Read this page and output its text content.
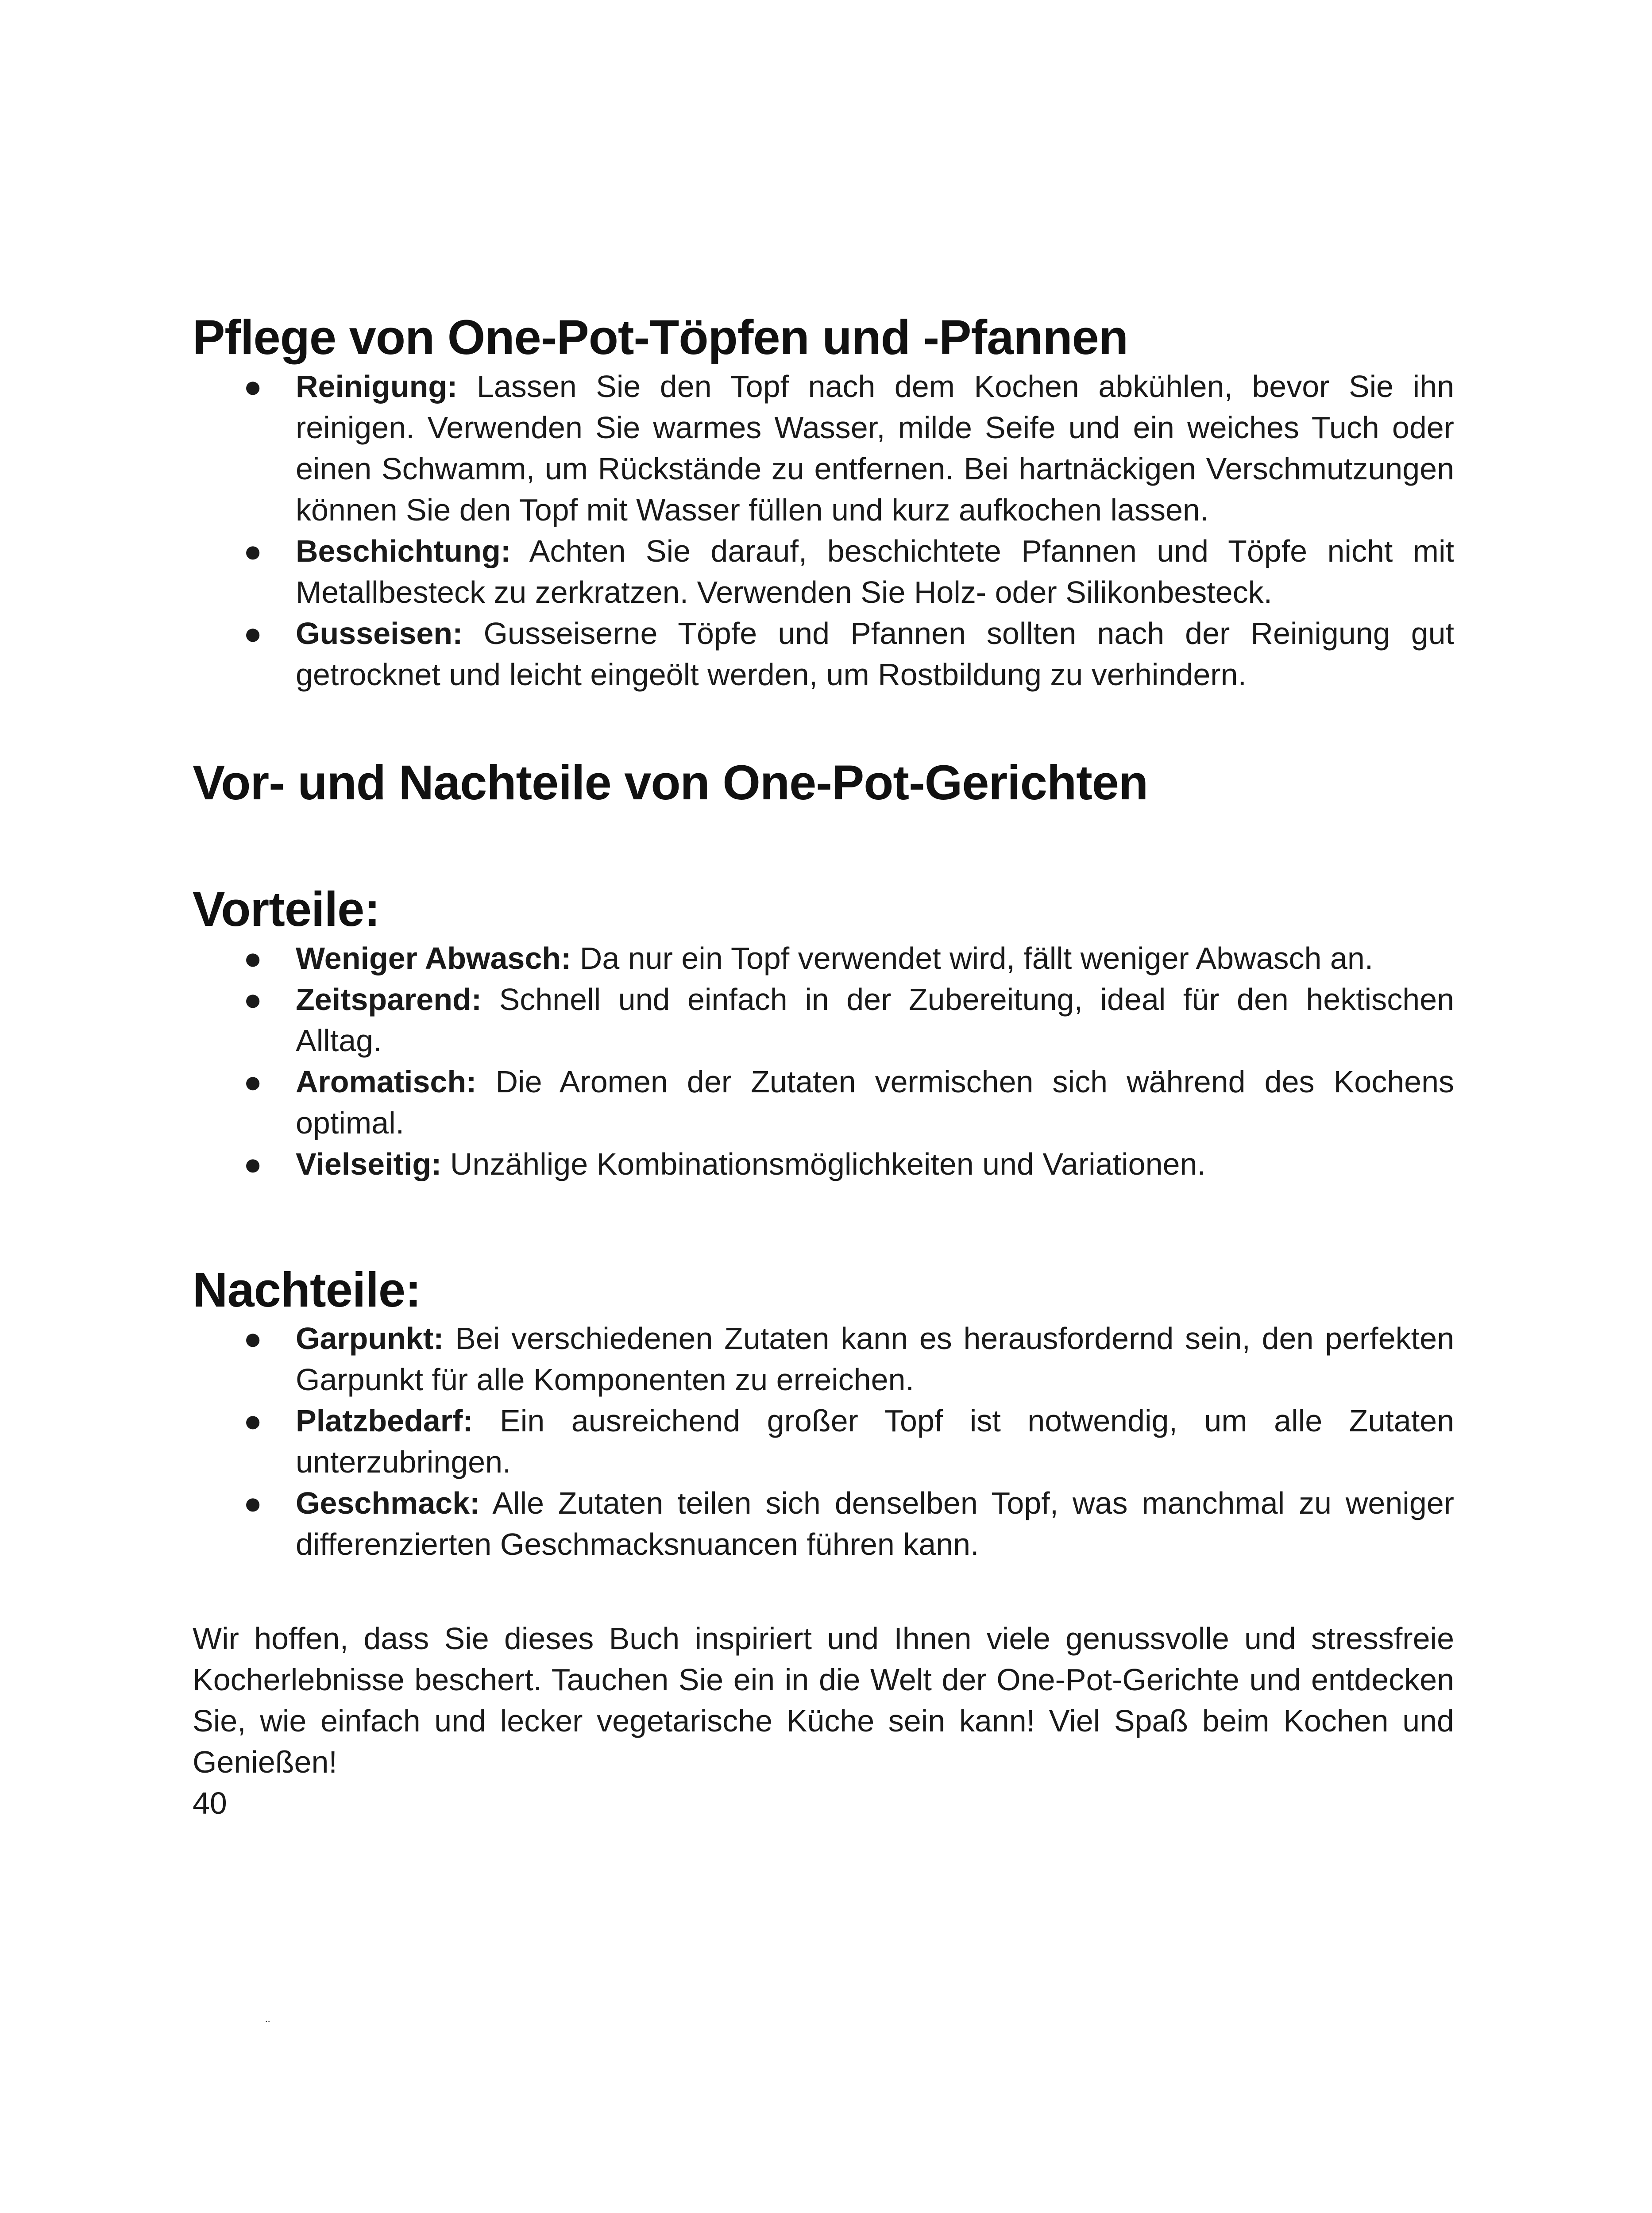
Pflege von One-Pot-Töpfen und -Pfannen
● Reinigung: Lassen Sie den Topf nach dem Kochen abkühlen, bevor Sie ihn reinigen. Verwenden Sie warmes Wasser, milde Seife und ein weiches Tuch oder einen Schwamm, um Rückstände zu entfernen. Bei hartnäckigen Verschmutzungen können Sie den Topf mit Wasser füllen und kurz aufkochen lassen.
● Beschichtung: Achten Sie darauf, beschichtete Pfannen und Töpfe nicht mit Metallbesteck zu zerkratzen. Verwenden Sie Holz- oder Silikonbesteck.
● Gusseisen: Gusseiserne Töpfe und Pfannen sollten nach der Reinigung gut getrocknet und leicht eingeölt werden, um Rostbildung zu verhindern.
Vor- und Nachteile von One-Pot-Gerichten
Vorteile:
● Weniger Abwasch: Da nur ein Topf verwendet wird, fällt weniger Abwasch an.
● Zeitsparend: Schnell und einfach in der Zubereitung, ideal für den hektischen Alltag.
● Aromatisch: Die Aromen der Zutaten vermischen sich während des Kochens optimal.
● Vielseitig: Unzählige Kombinationsmöglichkeiten und Variationen.
Nachteile:
● Garpunkt: Bei verschiedenen Zutaten kann es herausfordernd sein, den perfekten Garpunkt für alle Komponenten zu erreichen.
● Platzbedarf: Ein ausreichend großer Topf ist notwendig, um alle Zutaten unterzubringen.
● Geschmack: Alle Zutaten teilen sich denselben Topf, was manchmal zu weniger differenzierten Geschmacksnuancen führen kann.

Wir hoffen, dass Sie dieses Buch inspiriert und Ihnen viele genussvolle und stressfreie Kocherlebnisse beschert. Tauchen Sie ein in die Welt der One-Pot-Gerichte und entdecken Sie, wie einfach und lecker vegetarische Küche sein kann! Viel Spaß beim Kochen und Genießen!

40
¨
